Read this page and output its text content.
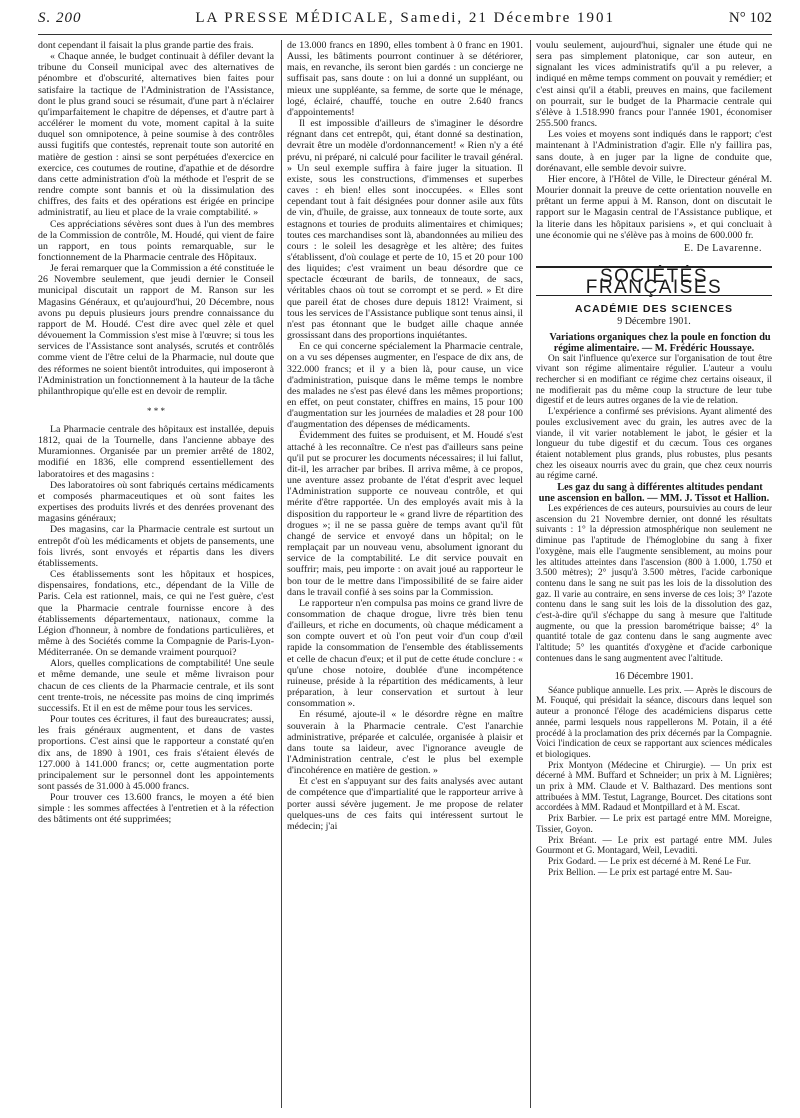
S. 200	LA PRESSE MÉDICALE, Samedi, 21 Décembre 1901	N° 102

dont cependant il faisait la plus grande partie des frais.

« Chaque année, le budget continuait à défiler devant la tribune du Conseil municipal avec des alternatives de pénombre et d'obscurité, alternatives bien faites pour satisfaire la tactique de l'Administration de l'Assistance, dont le plus grand souci se résumait, d'une part à n'éclairer qu'imparfaitement le chapitre de dépenses, et d'autre part à accélérer le moment du vote, moment capital à la suite duquel son omnipotence, à peine soumise à des contrôles aussi fugitifs que contestés, reprenait toute son autorité en matière de gestion : ainsi se sont perpétuées d'exercice en exercice, ces coutumes de routine, d'apathie et de désordre dans cette administration d'où la méthode et l'esprit de se rendre compte sont bannis et où la dissimulation des chiffres, des faits et des opérations est érigée en principe administratif, au lieu et place de la vraie comptabilité. »

Ces appréciations sévères sont dues à l'un des membres de la Commission de contrôle, M. Houdé, qui vient de faire un rapport, en tous points remarquable, sur le fonctionnement de la Pharmacie centrale des Hôpitaux.

Je ferai remarquer que la Commission a été constituée le 26 Novembre seulement, que jeudi dernier le Conseil municipal discutait un rapport de M. Ranson sur les Magasins Généraux, et qu'aujourd'hui, 20 Décembre, nous avons pu depuis plusieurs jours prendre connaissance du rapport de M. Houdé. C'est dire avec quel zèle et quel dévouement la Commission s'est mise à l'œuvre; si tous les services de l'Assistance sont analysés, scrutés et contrôlés comme vient de l'être celui de la Pharmacie, nul doute que des réformes ne soient bientôt introduites, qui imposeront à l'Administration un fonctionnement à la hauteur de la tâche philanthropique qu'elle est en devoir de remplir.

* * *

La Pharmacie centrale des hôpitaux est installée, depuis 1812, quai de la Tournelle, dans l'ancienne abbaye des Muramionnes. Organisée par un premier arrêté de 1802, modifié en 1836, elle comprend essentiellement des laboratoires et des magasins :

Des laboratoires où sont fabriqués certains médicaments et composés pharmaceutiques et où sont faites les expertises des produits livrés et des denrées provenant des magasins généraux;

Des magasins, car la Pharmacie centrale est surtout un entrepôt d'où les médicaments et objets de pansements, une fois livrés, sont envoyés et répartis dans les divers établissements.

Ces établissements sont les hôpitaux et hospices, dispensaires, fondations, etc., dépendant de la Ville de Paris. Cela est rationnel, mais, ce qui ne l'est guère, c'est que la Pharmacie centrale fournisse encore à des établissements départementaux, nationaux, comme la Légion d'honneur, à nombre de fondations particulières, et même à des Sociétés comme la Compagnie de Paris-Lyon-Méditerranée. On se demande vraiment pourquoi?

Alors, quelles complications de comptabilité! Une seule et même demande, une seule et même livraison pour chacun de ces clients de la Pharmacie centrale, et ils sont cent trente-trois, ne nécessite pas moins de cinq imprimés successifs. Et il en est de même pour tous les services.

Pour toutes ces écritures, il faut des bureaucrates; aussi, les frais généraux augmentent, et dans de vastes proportions. C'est ainsi que le rapporteur a constaté qu'en dix ans, de 1890 à 1901, ces frais s'étaient élevés de 127.000 à 141.000 francs; or, cette augmentation porte principalement sur le personnel dont les appointements sont passés de 31.000 à 45.000 francs.

Pour trouver ces 13.600 francs, le moyen a été bien simple : les sommes affectées à l'entretien et à la réfection des bâtiments ont été supprimées;

de 13.000 francs en 1890, elles tombent à 0 franc en 1901. Aussi, les bâtiments pourront continuer à se détériorer, mais, en revanche, ils seront bien gardés : un concierge ne suffisait pas, sans doute : on lui a donné un suppléant, ou mieux une suppléante, sa femme, de sorte que le ménage, logé, éclairé, chauffé, touche en outre 2.640 francs d'appointements!

Il est impossible d'ailleurs de s'imaginer le désordre régnant dans cet entrepôt, qui, étant donné sa destination, devrait être un modèle d'ordonnancement! « Rien n'y a été prévu, ni préparé, ni calculé pour faciliter le travail général. » Un seul exemple suffira à faire juger la situation. Il existe, sous les constructions, d'immenses et superbes caves : eh bien! elles sont inoccupées. « Elles sont cependant tout à fait désignées pour donner asile aux fûts de vin, d'huile, de graisse, aux tonneaux de toute sorte, aux estagnons et touries de produits alimentaires et chimiques; toutes ces marchandises sont là, abandonnées au milieu des cours : le soleil les desagrège et les altère; des fuites s'établissent, d'où coulage et perte de 10, 15 et 20 pour 100 des liquides; c'est vraiment un beau désordre que ce spectacle écœurant de barils, de tonneaux, de sacs, véritables chaos où tout se corrompt et se perd. » Et dire que pareil état de choses dure depuis 1812! Vraiment, si tous les services de l'Assistance publique sont tenus ainsi, il n'est pas étonnant que le budget aille chaque année grossissant dans des proportions inquiétantes.

En ce qui concerne spécialement la Pharmacie centrale, on a vu ses dépenses augmenter, en l'espace de dix ans, de 322.000 francs; et il y a bien là, pour cause, un vice d'administration, puisque dans le même temps le nombre des malades ne s'est pas élevé dans les mêmes proportions; en effet, on peut constater, chiffres en mains, 15 pour 100 d'augmentation sur les journées de maladies et 28 pour 100 d'augmentation des dépenses de médicaments.

Évidemment des fuites se produisent, et M. Houdé s'est attaché à les reconnaître. Ce n'est pas d'ailleurs sans peine qu'il put se procurer les documents nécessaires; il lui fallut, dit-il, les arracher par bribes. Il arriva même, à ce propos, une aventure assez probante de l'état d'esprit avec lequel l'Administration supporte ce nouveau contrôle, et qui mérite d'être rapportée. Un des employés avait mis à la disposition du rapporteur le « grand livre de répartition des drogues »; il ne se passa guère de temps avant qu'il fût changé de service et envoyé dans un hôpital; on le remplaçait par un nouveau venu, absolument ignorant du service de la comptabilité. Le dit service pouvait en souffrir; mais, peu importe : on avait joué au rapporteur le bon tour de le mettre dans l'impossibilité de se faire aider dans le travail confié à ses soins par la Commission.

Le rapporteur n'en compulsa pas moins ce grand livre de consommation de chaque drogue, livre très bien tenu d'ailleurs, et riche en documents, où chaque médicament a son compte ouvert et où l'on peut voir d'un coup d'œil rapide la consommation de l'ensemble des établissements et celle de chacun d'eux; et il put de cette étude conclure : « qu'une chose notoire, doublée d'une incompétence ruineuse, préside à la répartition des médicaments, à leur préparation, à leur conservation et surtout à leur consommation ».

En résumé, ajoute-il « le désordre règne en maître souverain à la Pharmacie centrale. C'est l'anarchie administrative, préparée et calculée, organisée à plaisir et dans toute sa laideur, avec l'ignorance aveugle de l'Administration centrale, c'est le plus bel exemple d'incohérence en matière de gestion. »

Et c'est en s'appuyant sur des faits analysés avec autant de compétence que d'impartialité que le rapporteur arrive à porter aussi sévère jugement. Je me propose de relater quelques-uns de ces faits qui intéressent surtout le médecin; j'ai

voulu seulement, aujourd'hui, signaler une étude qui ne sera pas simplement platonique, car son auteur, en signalant les vices administratifs qu'il a pu relever, a indiqué en même temps comment on pouvait y remédier; et c'est ainsi qu'il a établi, preuves en mains, que facilement on pourrait, sur le budget de la Pharmacie centrale qui s'élève à 1.518.990 francs pour l'année 1901, économiser 255.500 francs.

Les voies et moyens sont indiqués dans le rapport; c'est maintenant à l'Administration d'agir. Elle n'y faillira pas, sans doute, à en juger par la ligne de conduite que, dorénavant, elle semble devoir suivre.

Hier encore, à l'Hôtel de Ville, le Directeur général M. Mourier donnait la preuve de cette orientation nouvelle en prêtant un ferme appui à M. Ranson, dont on discutait le rapport sur le Magasin central de l'Assistance publique, et la literie dans les hôpitaux parisiens », et qui concluait à une économie qui ne s'élève pas à moins de 600.000 fr.

E. De Lavarenne.
SOCIÉTÉS FRANÇAISES
ACADÉMIE DES SCIENCES
9 Décembre 1901.

Variations organiques chez la poule en fonction du régime alimentaire. — M. Frédéric Houssaye.

On sait l'influence qu'exerce sur l'organisation de tout être vivant son régime alimentaire régulier. L'auteur a voulu rechercher si en modifiant ce régime chez certains oiseaux, il ne modifierait pas du même coup la structure de leur tube digestif et de leurs autres organes de la vie de relation.

L'expérience a confirmé ses prévisions. Ayant alimenté des poules exclusivement avec du grain, les autres avec de la viande, il vit varier notablement le jabot, le gésier et la longueur du tube digestif et du cæcum. Tous ces organes étaient notablement plus grands, plus robustes, plus pesants chez les oiseaux nourris avec du grain, que chez ceux nourris au régime carné.

Les gaz du sang à différentes altitudes pendant une ascension en ballon. — MM. J. Tissot et Hallion.

Les expériences de ces auteurs, poursuivies au cours de leur ascension du 21 Novembre dernier, ont donné les résultats suivants : 1° la dépression atmosphérique non seulement ne diminue pas l'aptitude de l'hémoglobine du sang à fixer l'oxygène, mais elle l'augmente sensiblement, au moins pour les altitudes atteintes dans l'ascension (800 à 1.000, 1.750 et 3.500 mètres); 2° jusqu'à 3.500 mètres, l'acide carbonique contenu dans le sang ne suit pas les lois de la dissolution des gaz. Il varie au contraire, en sens inverse de ces lois; 3° l'azote contenu dans le sang suit les lois de la dissolution des gaz, c'est-à-dire qu'il s'échappe du sang à mesure que l'altitude augmente, ou que la pression barométrique baisse; 4° la quantité totale de gaz contenu dans le sang augmente avec l'altitude; 5° les quantités d'oxygène et d'acide carbonique contenues dans le sang augmentent avec l'altitude.

16 Décembre 1901.

Séance publique annuelle. Les prix. — Après le discours de M. Fouqué, qui présidait la séance, discours dans lequel son auteur a prononcé l'éloge des académiciens disparus cette année, parmi lesquels nous rappellerons M. Potain, il a été procédé à la proclamation des prix décernés par la Compagnie. Voici l'indication de ceux se rapportant aux sciences médicales et biologiques.

Prix Montyon (Médecine et Chirurgie). — Un prix est décerné à MM. Buffard et Schneider; un prix à M. Lignières; un prix à MM. Claude et V. Balthazard. Des mentions sont attribuées à MM. Testut, Lagrange, Bourcet. Des citations sont accordées à MM. Radaud et Montpillard et à M. Escat.

Prix Barbier. — Le prix est partagé entre MM. Moreigne, Tissier, Goyon.

Prix Bréant. — Le prix est partagé entre MM. Jules Gourmont et G. Montagard, Weil, Levaditi.

Prix Godard. — Le prix est décerné à M. René Le Fur.

Prix Bellion. — Le prix est partagé entre M. Sau-
